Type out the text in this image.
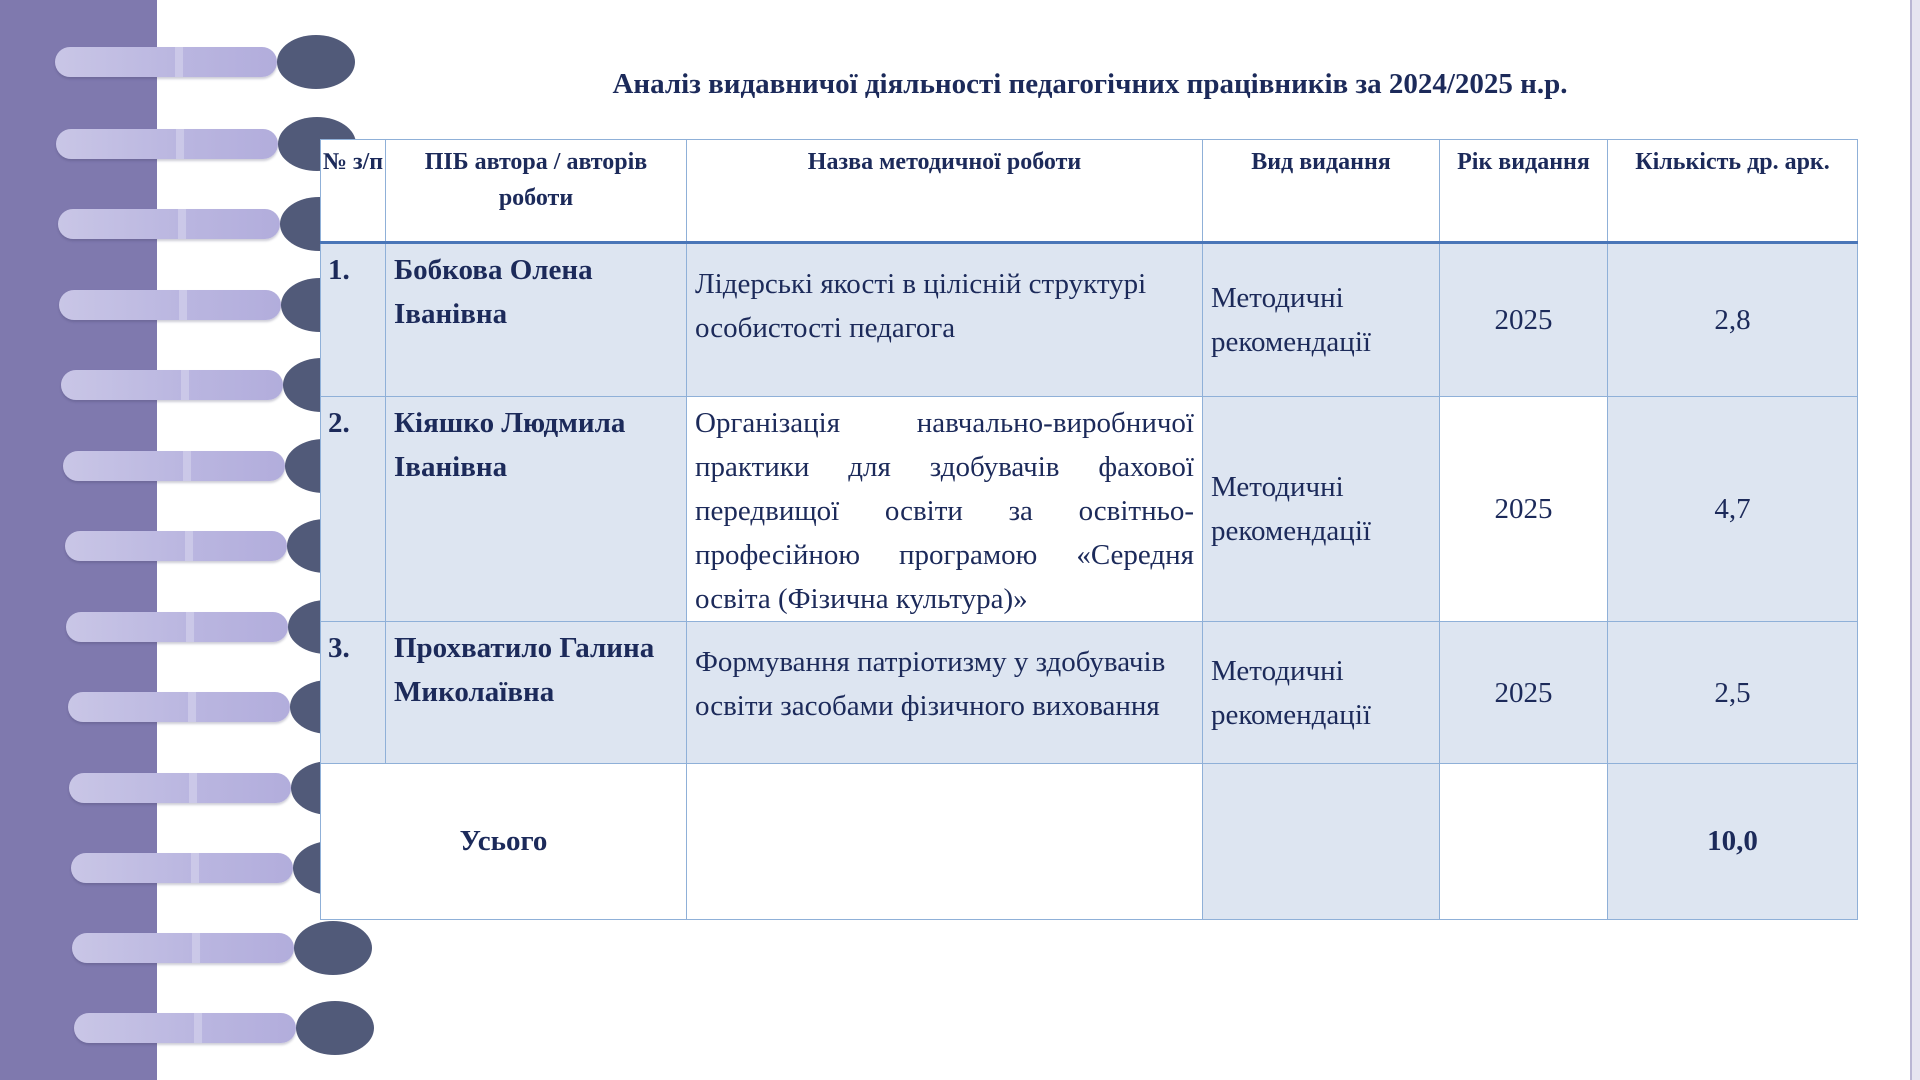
Аналіз видавничої діяльності педагогічних працівників за 2024/2025 н.р.
№ з/п	ПІБ автора / авторів роботи	Назва методичної роботи	Вид видання	Рік видання	Кількість др. арк.
1.	Бобкова Олена Іванівна	Лідерські якості в цілісній структурі особистості педагога	Методичні рекомендації	2025	2,8
2.	Кіяшко Людмила Іванівна	Організація навчально-виробничої практики для здобувачів фахової передвищої освіти за освітньо-професійною програмою «Середня освіта (Фізична культура)»	Методичні рекомендації	2025	4,7
3.	Прохватило Галина Миколаївна	Формування патріотизму у здобувачів освіти засобами фізичного виховання	Методичні рекомендації	2025	2,5
Усього					10,0
